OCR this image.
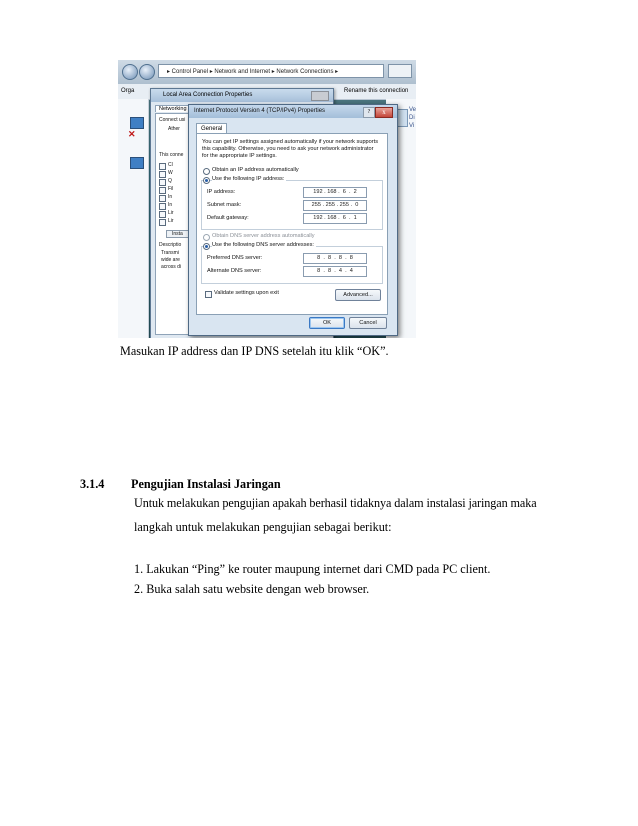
▸ Control Panel ▸ Network and Internet ▸ Network Connections ▸
Orga	Rename this connection
✕
Ve
Di
Vi
Local Area Connection Properties
Networking
Connect usi
Ather
This conne
Cl
W
Q
Fil
In
In
Lir
Lir
Insta
Descriptio
Transmi
wide are
across di
Internet Protocol Version 4 (TCP/IPv4) Properties	?	x
General
You can get IP settings assigned automatically if your network supports
this capability. Otherwise, you need to ask your network administrator
for the appropriate IP settings.
Obtain an IP address automatically
Use the following IP address:
IP address:	192 . 168 .  6  .  2
Subnet mask:	255 . 255 . 255 .  0
Default gateway:	192 . 168 .  6  .  1
Obtain DNS server address automatically
Use the following DNS server addresses:
Preferred DNS server:	8  .  8  .  8  .  8
Alternate DNS server:	8  .  8  .  4  .  4
Validate settings upon exit	Advanced...
OK	Cancel
Masukan IP address dan IP DNS setelah itu klik “OK”.
3.1.4 Pengujian Instalasi Jaringan
Untuk melakukan pengujian apakah berhasil tidaknya dalam instalasi jaringan maka
langkah untuk melakukan pengujian sebagai berikut:
1. Lakukan “Ping” ke router maupung internet dari CMD pada PC client.
2. Buka salah satu website dengan web browser.
